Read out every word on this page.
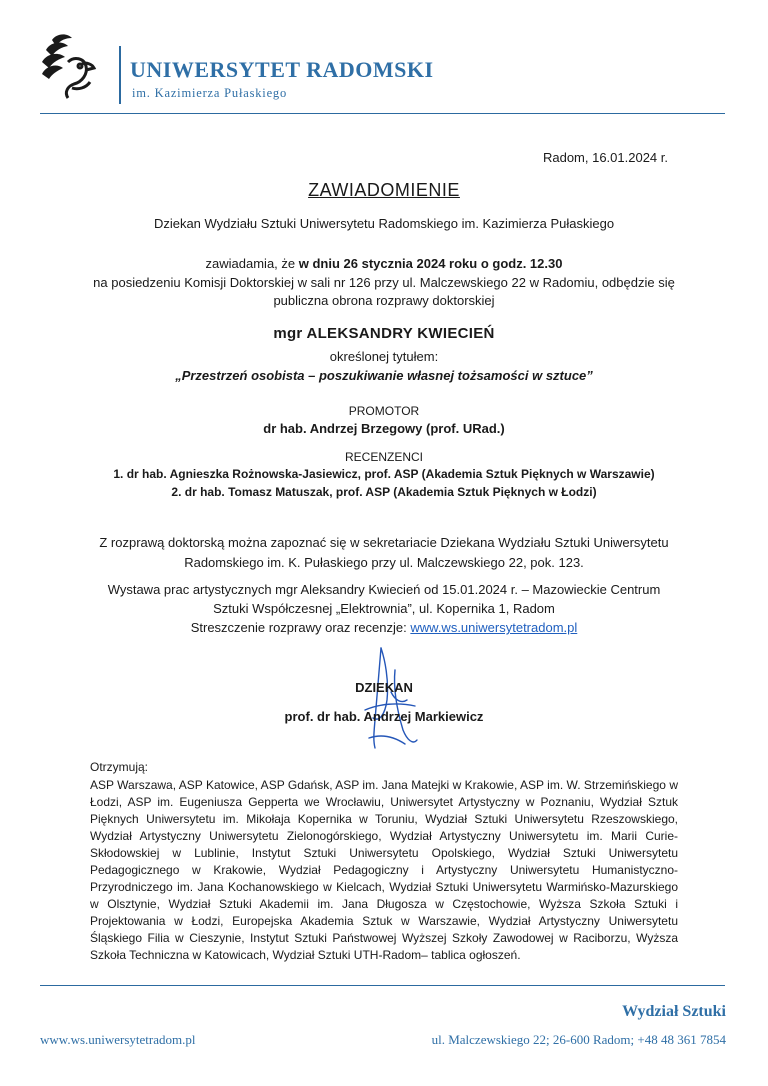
UNIWERSYTET RADOMSKI
im. Kazimierza Pułaskiego
Radom, 16.01.2024 r.
ZAWIADOMIENIE
Dziekan Wydziału Sztuki Uniwersytetu Radomskiego im. Kazimierza Pułaskiego
zawiadamia, że w dniu 26 stycznia 2024 roku o godz. 12.30
na posiedzeniu Komisji Doktorskiej w sali nr 126 przy ul. Malczewskiego 22 w Radomiu, odbędzie się
publiczna obrona rozprawy doktorskiej
mgr ALEKSANDRY KWIECIEŃ
określonej tytułem:
„Przestrzeń osobista – poszukiwanie własnej tożsamości w sztuce”
PROMOTOR
dr hab. Andrzej Brzegowy (prof. URad.)
RECENZENCI
1. dr hab. Agnieszka Rożnowska-Jasiewicz, prof. ASP (Akademia Sztuk Pięknych w Warszawie)
2. dr hab. Tomasz Matuszak, prof. ASP (Akademia Sztuk Pięknych w Łodzi)
Z rozprawą doktorską można zapoznać się w sekretariacie Dziekana Wydziału Sztuki Uniwersytetu
Radomskiego im. K. Pułaskiego przy ul. Malczewskiego 22, pok. 123.
Wystawa prac artystycznych mgr Aleksandry Kwiecień od 15.01.2024 r. – Mazowieckie Centrum
Sztuki Współczesnej „Elektrownia”, ul. Kopernika 1, Radom
Streszczenie rozprawy oraz recenzje: www.ws.uniwersytetradom.pl
DZIEKAN
prof. dr hab. Andrzej Markiewicz
Otrzymują:
ASP Warszawa, ASP Katowice, ASP Gdańsk, ASP im. Jana Matejki w Krakowie, ASP im. W. Strzemińskiego w Łodzi, ASP im. Eugeniusza Gepperta we Wrocławiu, Uniwersytet Artystyczny w Poznaniu, Wydział Sztuk Pięknych Uniwersytetu im. Mikołaja Kopernika w Toruniu, Wydział Sztuki Uniwersytetu Rzeszowskiego, Wydział Artystyczny Uniwersytetu Zielonogórskiego, Wydział Artystyczny Uniwersytetu im. Marii Curie-Skłodowskiej w Lublinie, Instytut Sztuki Uniwersytetu Opolskiego, Wydział Sztuki Uniwersytetu Pedagogicznego w Krakowie, Wydział Pedagogiczny i Artystyczny Uniwersytetu Humanistyczno-Przyrodniczego im. Jana Kochanowskiego w Kielcach, Wydział Sztuki Uniwersytetu Warmińsko-Mazurskiego w Olsztynie, Wydział Sztuki Akademii im. Jana Długosza w Częstochowie, Wyższa Szkoła Sztuki i Projektowania w Łodzi, Europejska Akademia Sztuk w Warszawie, Wydział Artystyczny Uniwersytetu Śląskiego Filia w Cieszynie, Instytut Sztuki Państwowej Wyższej Szkoły Zawodowej w Raciborzu, Wyższa Szkoła Techniczna w Katowicach, Wydział Sztuki UTH-Radom– tablica ogłoszeń.
Wydział Sztuki
www.ws.uniwersytetradom.pl	ul. Malczewskiego 22; 26-600 Radom; +48 48 361 7854
